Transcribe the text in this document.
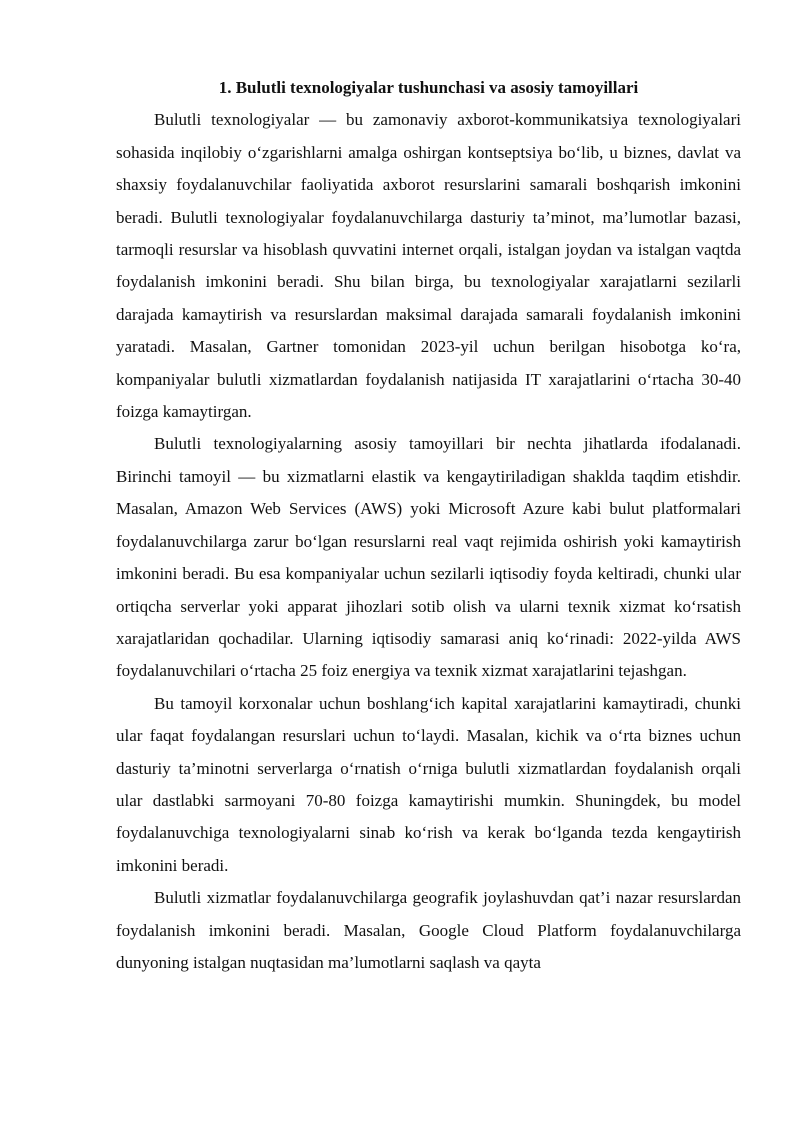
1. Bulutli texnologiyalar tushunchasi va asosiy tamoyillari

Bulutli texnologiyalar — bu zamonaviy axborot-kommunikatsiya texnologiyalari sohasida inqilobiy o‘zgarishlarni amalga oshirgan kontseptsiya bo‘lib, u biznes, davlat va shaxsiy foydalanuvchilar faoliyatida axborot resurslarini samarali boshqarish imkonini beradi. Bulutli texnologiyalar foydalanuvchilarga dasturiy ta’minot, ma’lumotlar bazasi, tarmoqli resurslar va hisoblash quvvatini internet orqali, istalgan joydan va istalgan vaqtda foydalanish imkonini beradi. Shu bilan birga, bu texnologiyalar xarajatlarni sezilarli darajada kamaytirish va resurslardan maksimal darajada samarali foydalanish imkonini yaratadi. Masalan, Gartner tomonidan 2023-yil uchun berilgan hisobotga ko‘ra, kompaniyalar bulutli xizmatlardan foydalanish natijasida IT xarajatlarini o‘rtacha 30-40 foizga kamaytirgan.

Bulutli texnologiyalarning asosiy tamoyillari bir nechta jihatlarda ifodalanadi. Birinchi tamoyil — bu xizmatlarni elastik va kengaytiriladigan shaklda taqdim etishdir. Masalan, Amazon Web Services (AWS) yoki Microsoft Azure kabi bulut platformalari foydalanuvchilarga zarur bo‘lgan resurslarni real vaqt rejimida oshirish yoki kamaytirish imkonini beradi. Bu esa kompaniyalar uchun sezilarli iqtisodiy foyda keltiradi, chunki ular ortiqcha serverlar yoki apparat jihozlari sotib olish va ularni texnik xizmat ko‘rsatish xarajatlaridan qochadilar. Ularning iqtisodiy samarasi aniq ko‘rinadi: 2022-yilda AWS foydalanuvchilari o‘rtacha 25 foiz energiya va texnik xizmat xarajatlarini tejashgan.

Bu tamoyil korxonalar uchun boshlang‘ich kapital xarajatlarini kamaytiradi, chunki ular faqat foydalangan resurslari uchun to‘laydi. Masalan, kichik va o‘rta biznes uchun dasturiy ta’minotni serverlarga o‘rnatish o‘rniga bulutli xizmatlardan foydalanish orqali ular dastlabki sarmoyani 70-80 foizga kamaytirishi mumkin. Shuningdek, bu model foydalanuvchiga texnologiyalarni sinab ko‘rish va kerak bo‘lganda tezda kengaytirish imkonini beradi.

Bulutli xizmatlar foydalanuvchilarga geografik joylashuvdan qat’i nazar resurslardan foydalanish imkonini beradi. Masalan, Google Cloud Platform foydalanuvchilarga dunyoning istalgan nuqtasidan ma’lumotlarni saqlash va qayta
